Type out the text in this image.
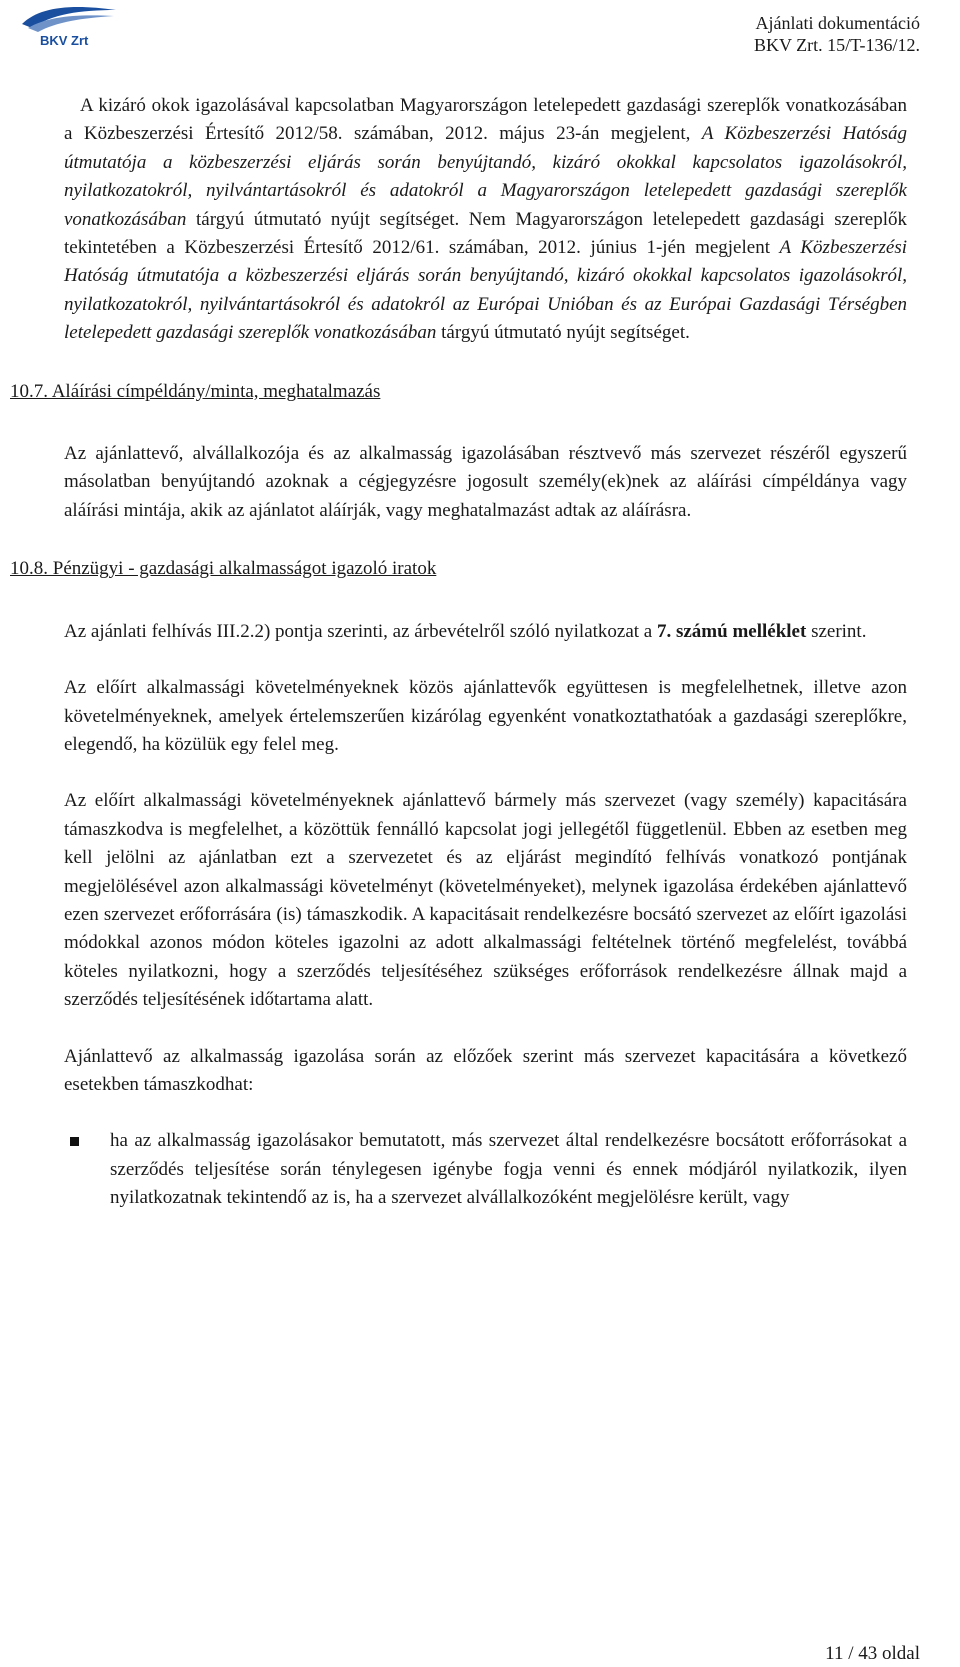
BKV Zrt
Ajánlati dokumentáció
BKV Zrt. 15/T-136/12.

A kizáró okok igazolásával kapcsolatban Magyarországon letelepedett gazdasági szereplők vonatkozásában a Közbeszerzési Értesítő 2012/58. számában, 2012. május 23-án megjelent, A Közbeszerzési Hatóság útmutatója a közbeszerzési eljárás során benyújtandó, kizáró okokkal kapcsolatos igazolásokról, nyilatkozatokról, nyilvántartásokról és adatokról a Magyarországon letelepedett gazdasági szereplők vonatkozásában tárgyú útmutató nyújt segítséget. Nem Magyarországon letelepedett gazdasági szereplők tekintetében a Közbeszerzési Értesítő 2012/61. számában, 2012. június 1-jén megjelent A Közbeszerzési Hatóság útmutatója a közbeszerzési eljárás során benyújtandó, kizáró okokkal kapcsolatos igazolásokról, nyilatkozatokról, nyilvántartásokról és adatokról az Európai Unióban és az Európai Gazdasági Térségben letelepedett gazdasági szereplők vonatkozásában tárgyú útmutató nyújt segítséget.

10.7. Aláírási címpéldány/minta, meghatalmazás

Az ajánlattevő, alvállalkozója és az alkalmasság igazolásában résztvevő más szervezet részéről egyszerű másolatban benyújtandó azoknak a cégjegyzésre jogosult személy(ek)nek az aláírási címpéldánya vagy aláírási mintája, akik az ajánlatot aláírják, vagy meghatalmazást adtak az aláírásra.

10.8. Pénzügyi - gazdasági alkalmasságot igazoló iratok

Az ajánlati felhívás III.2.2) pontja szerinti, az árbevételről szóló nyilatkozat a 7. számú melléklet szerint.

Az előírt alkalmassági követelményeknek közös ajánlattevők együttesen is megfelelhetnek, illetve azon követelményeknek, amelyek értelemszerűen kizárólag egyenként vonatkoztathatóak a gazdasági szereplőkre, elegendő, ha közülük egy felel meg.

Az előírt alkalmassági követelményeknek ajánlattevő bármely más szervezet (vagy személy) kapacitására támaszkodva is megfelelhet, a közöttük fennálló kapcsolat jogi jellegétől függetlenül. Ebben az esetben meg kell jelölni az ajánlatban ezt a szervezetet és az eljárást megindító felhívás vonatkozó pontjának megjelölésével azon alkalmassági követelményt (követelményeket), melynek igazolása érdekében ajánlattevő ezen szervezet erőforrására (is) támaszkodik. A kapacitásait rendelkezésre bocsátó szervezet az előírt igazolási módokkal azonos módon köteles igazolni az adott alkalmassági feltételnek történő megfelelést, továbbá köteles nyilatkozni, hogy a szerződés teljesítéséhez szükséges erőforrások rendelkezésre állnak majd a szerződés teljesítésének időtartama alatt.

Ajánlattevő az alkalmasság igazolása során az előzőek szerint más szervezet kapacitására a következő esetekben támaszkodhat:

ha az alkalmasság igazolásakor bemutatott, más szervezet által rendelkezésre bocsátott erőforrásokat a szerződés teljesítése során ténylegesen igénybe fogja venni és ennek módjáról nyilatkozik, ilyen nyilatkozatnak tekintendő az is, ha a szervezet alvállalkozóként megjelölésre került, vagy

11 / 43 oldal
